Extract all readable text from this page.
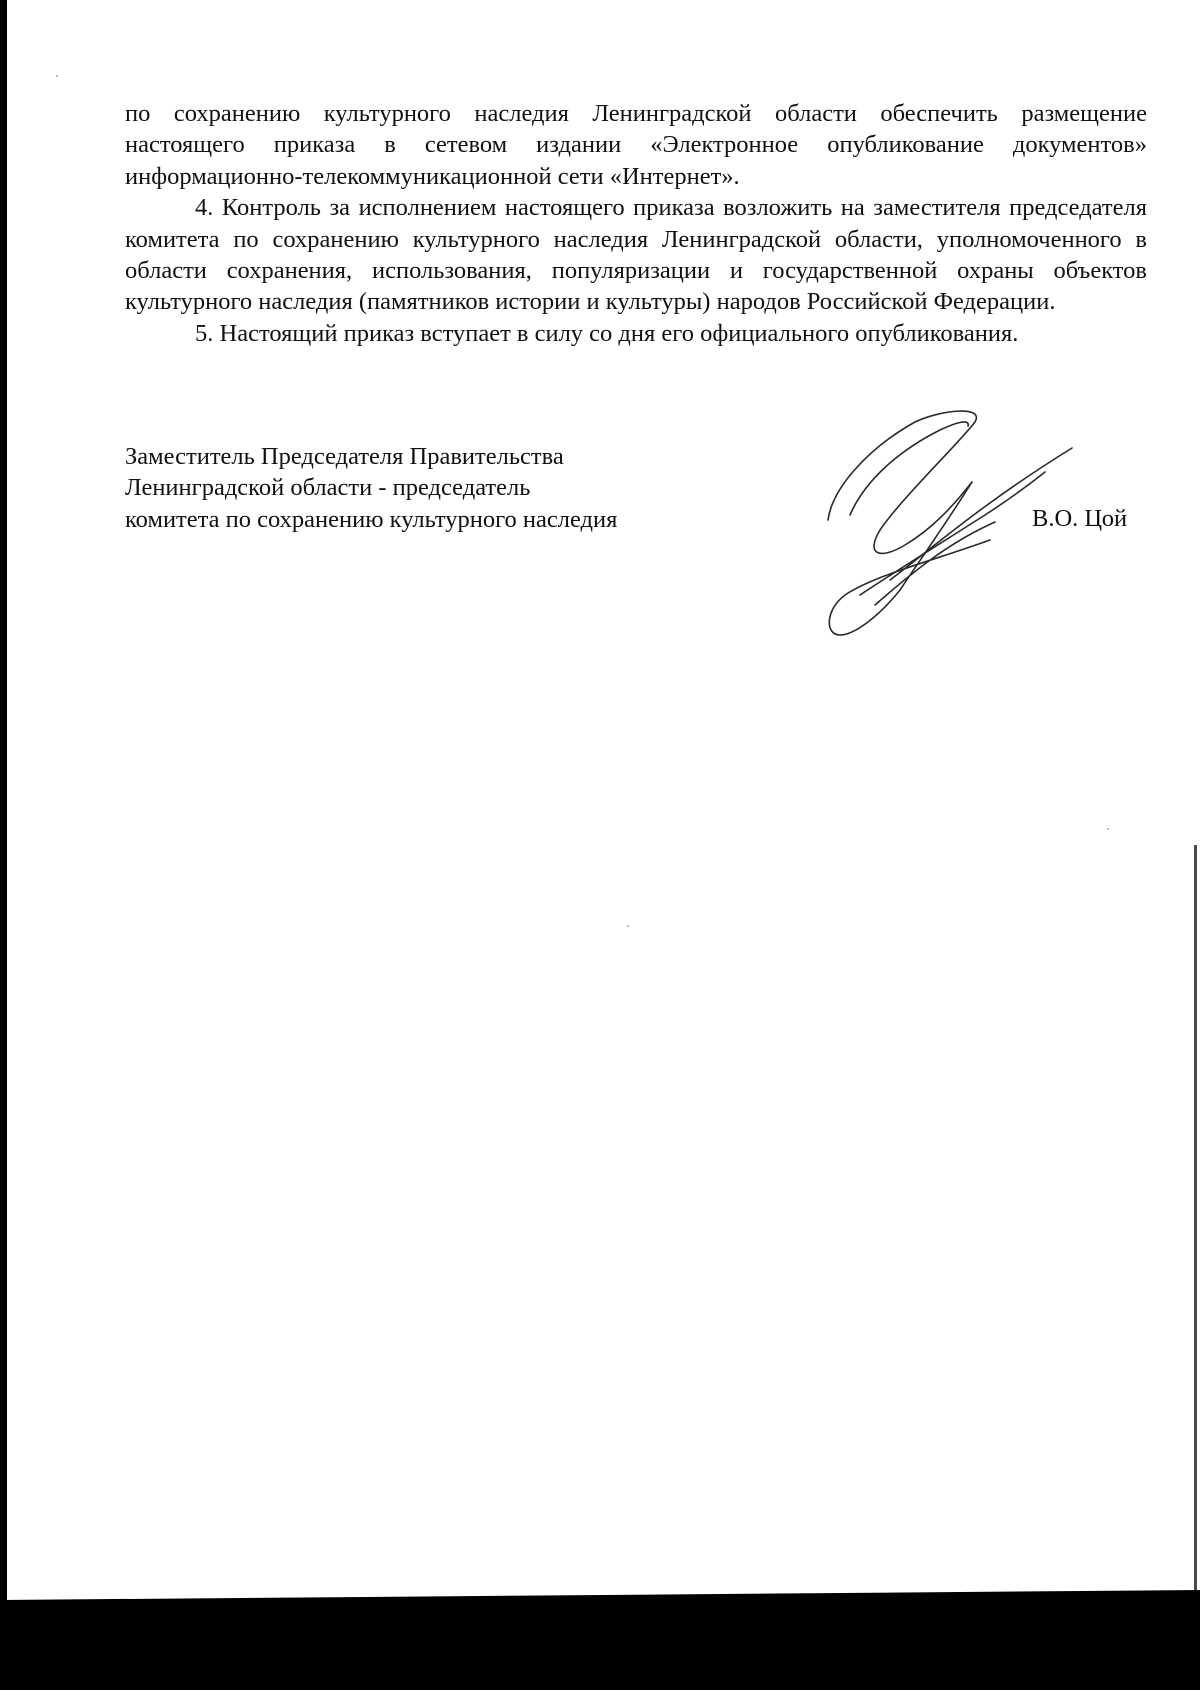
по сохранению культурного наследия Ленинградской области обеспечить размещение настоящего приказа в сетевом издании «Электронное опубликование документов» информационно-телекоммуникационной сети «Интернет».

4. Контроль за исполнением настоящего приказа возложить на заместителя председателя комитета по сохранению культурного наследия Ленинградской области, уполномоченного в области сохранения, использования, популяризации и государственной охраны объектов культурного наследия (памятников истории и культуры) народов Российской Федерации.

5. Настоящий приказ вступает в силу со дня его официального опубликования.

Заместитель Председателя Правительства
Ленинградской области - председатель
комитета по сохранению культурного наследия	В.О. Цой
